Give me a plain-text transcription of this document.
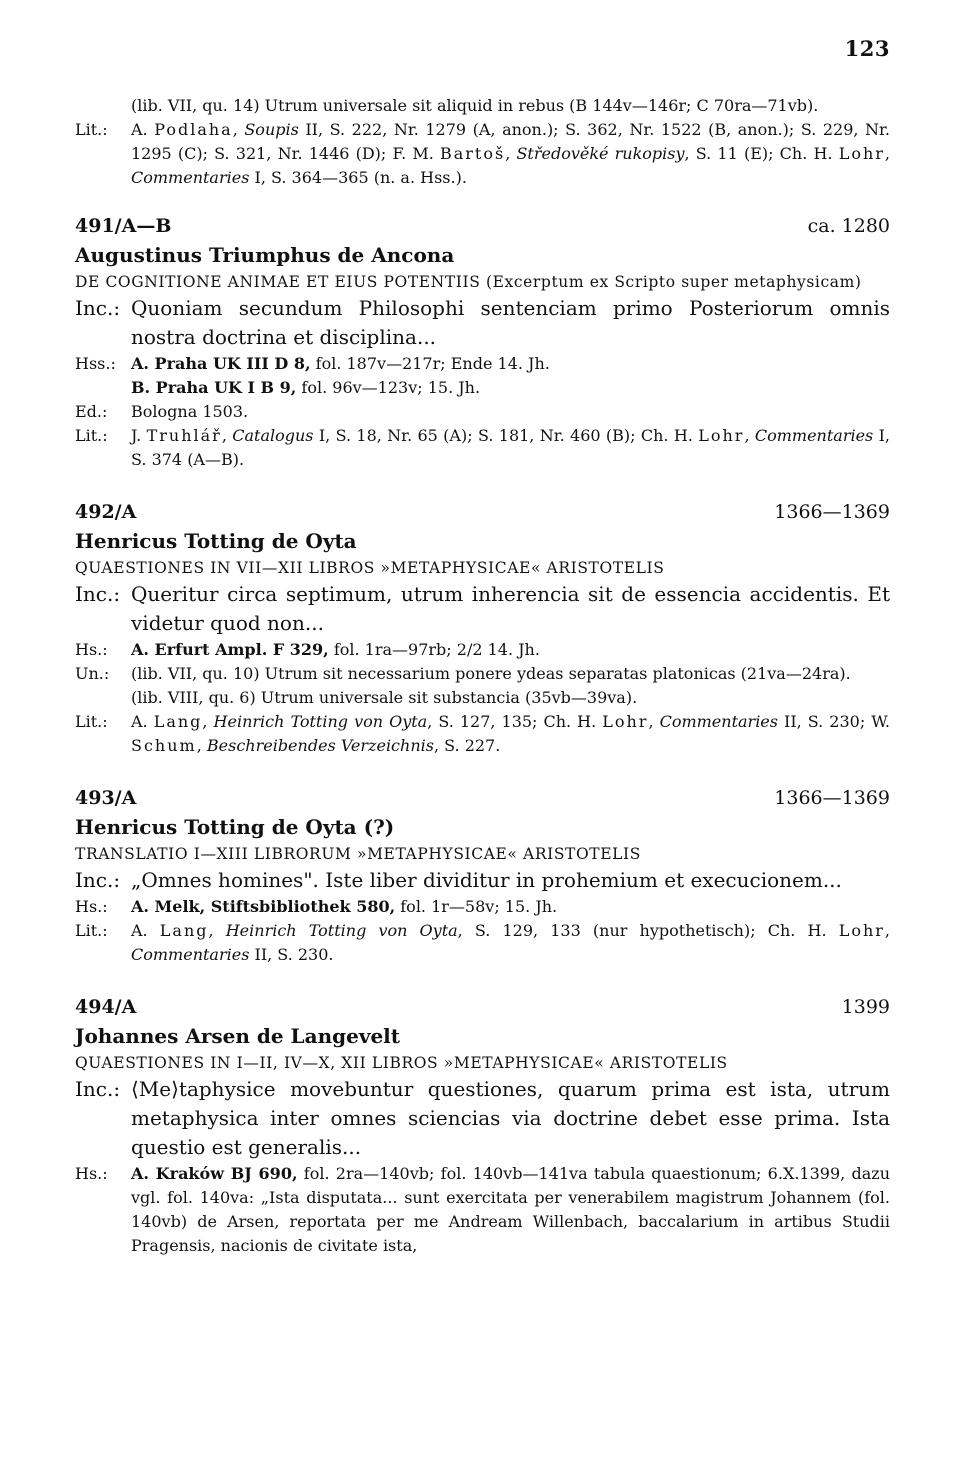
123
(lib. VII, qu. 14) Utrum universale sit aliquid in rebus (B 144v—146r; C 70ra—71vb).
Lit.:	A. Podlaha, Soupis II, S. 222, Nr. 1279 (A, anon.); S. 362, Nr. 1522 (B, anon.); S. 229, Nr. 1295 (C); S. 321, Nr. 1446 (D); F. M. Bartoš, Středověké rukopisy, S. 11 (E); Ch. H. Lohr, Commentaries I, S. 364—365 (n. a. Hss.).
491/A—B	ca. 1280
Augustinus Triumphus de Ancona
DE COGNITIONE ANIMAE ET EIUS POTENTIIS (Excerptum ex Scripto super metaphysicam)
Inc.: Quoniam secundum Philosophi sentenciam primo Posteriorum omnis nostra doctrina et disciplina...
Hss.: A. Praha UK III D 8, fol. 187v—217r; Ende 14. Jh.
B. Praha UK I B 9, fol. 96v—123v; 15. Jh.
Ed.:	Bologna 1503.
Lit.:	J. Truhlář, Catalogus I, S. 18, Nr. 65 (A); S. 181, Nr. 460 (B); Ch. H. Lohr, Commentaries I, S. 374 (A—B).
492/A	1366—1369
Henricus Totting de Oyta
QUAESTIONES IN VII—XII LIBROS »METAPHYSICAE« ARISTOTELIS
Inc.: Queritur circa septimum, utrum inherencia sit de essencia accidentis. Et videtur quod non...
Hs.:	A. Erfurt Ampl. F 329, fol. 1ra—97rb; 2/2 14. Jh.
Un.:	(lib. VII, qu. 10) Utrum sit necessarium ponere ydeas separatas platonicas (21va—24ra).
(lib. VIII, qu. 6) Utrum universale sit substancia (35vb—39va).
Lit.:	A. Lang, Heinrich Totting von Oyta, S. 127, 135; Ch. H. Lohr, Commentaries II, S. 230; W. Schum, Beschreibendes Verzeichnis, S. 227.
493/A	1366—1369
Henricus Totting de Oyta (?)
TRANSLATIO I—XIII LIBRORUM »METAPHYSICAE« ARISTOTELIS
Inc.: „Omnes homines". Iste liber dividitur in prohemium et execucionem...
Hs.:	A. Melk, Stiftsbibliothek 580, fol. 1r—58v; 15. Jh.
Lit.:	A. Lang, Heinrich Totting von Oyta, S. 129, 133 (nur hypothetisch); Ch. H. Lohr, Commentaries II, S. 230.
494/A	1399
Johannes Arsen de Langevelt
QUAESTIONES IN I—II, IV—X, XII LIBROS »METAPHYSICAE« ARISTOTELIS
Inc.: ⟨Me⟩taphysice movebuntur questiones, quarum prima est ista, utrum metaphysica inter omnes sciencias via doctrine debet esse prima. Ista questio est generalis...
Hs.:	A. Kraków BJ 690, fol. 2ra—140vb; fol. 140vb—141va tabula quaestionum; 6.X.1399, dazu vgl. fol. 140va: „Ista disputata... sunt exercitata per venerabilem magistrum Johannem (fol. 140vb) de Arsen, reportata per me Andream Willenbach, baccalarium in artibus Studii Pragensis, nacionis de civitate ista,
